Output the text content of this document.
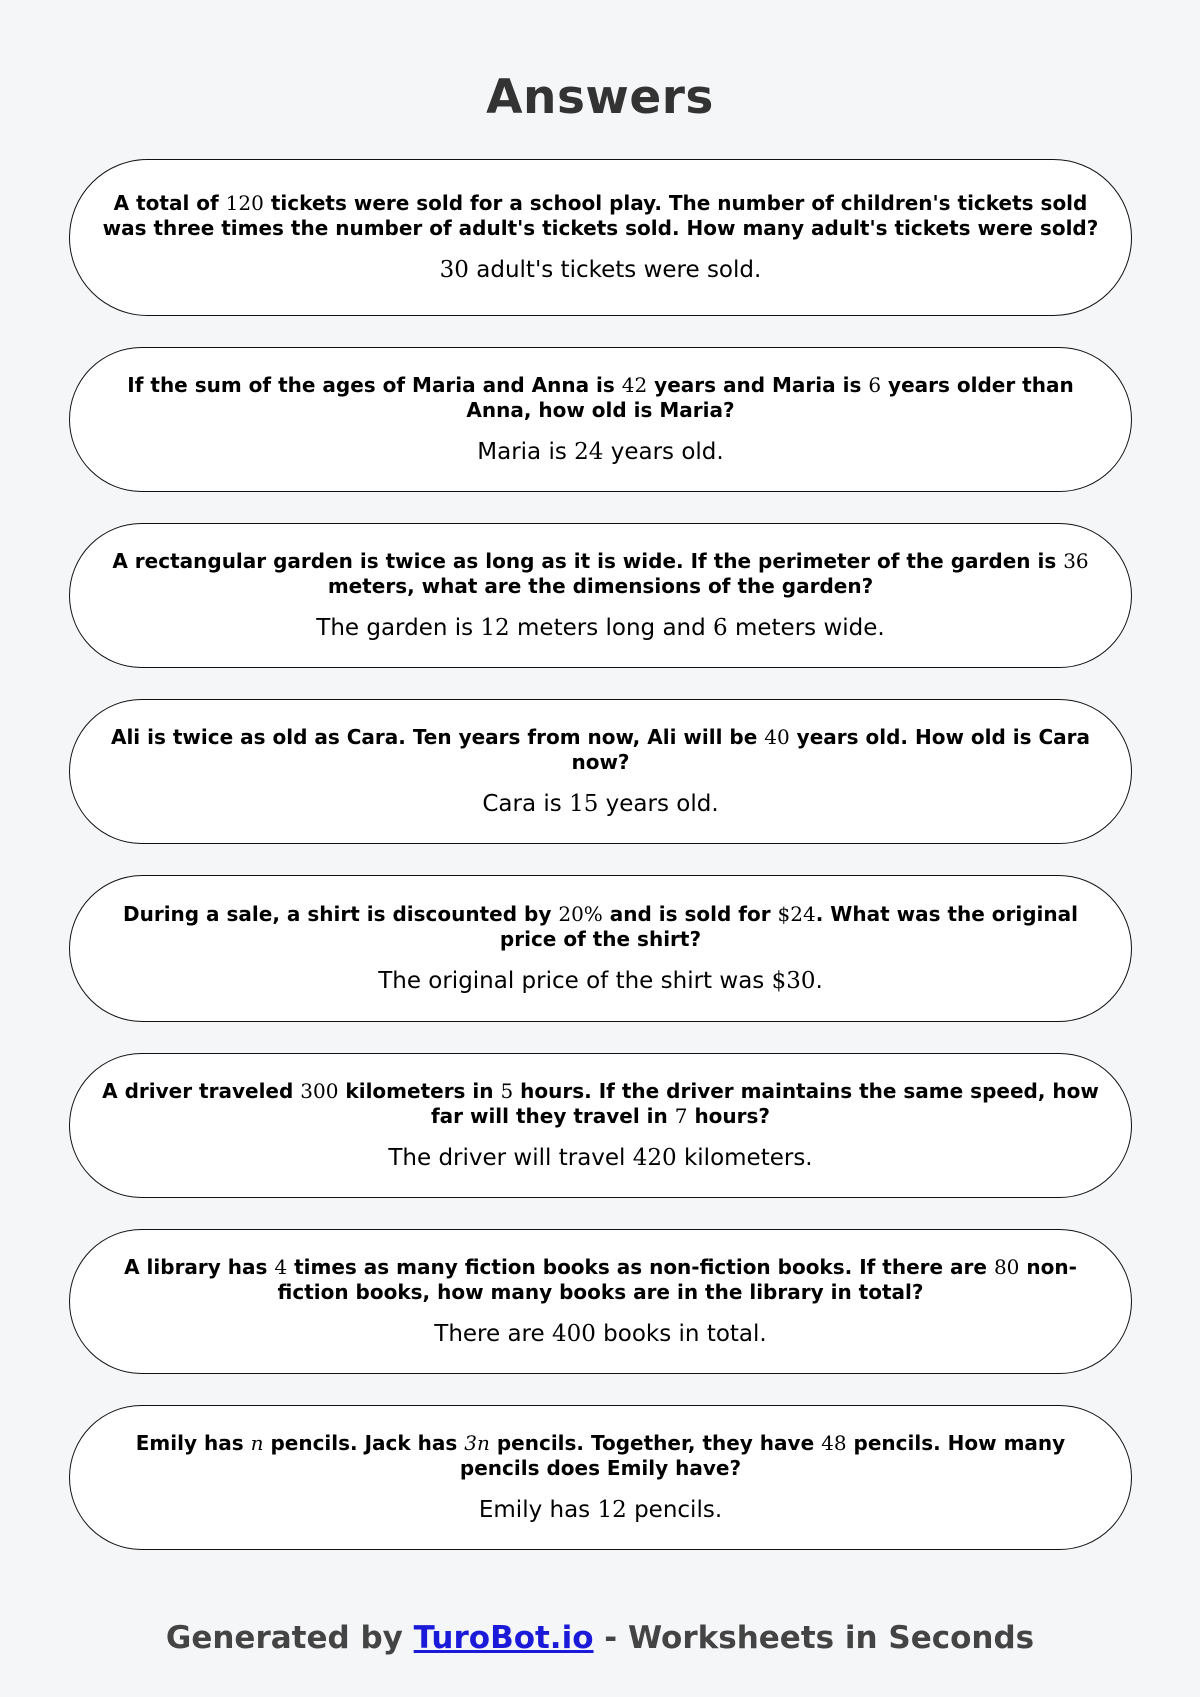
Answers
A total of 120 tickets were sold for a school play. The number of children's tickets sold was three times the number of adult's tickets sold. How many adult's tickets were sold?
30 adult's tickets were sold.
If the sum of the ages of Maria and Anna is 42 years and Maria is 6 years older than Anna, how old is Maria?
Maria is 24 years old.
A rectangular garden is twice as long as it is wide. If the perimeter of the garden is 36 meters, what are the dimensions of the garden?
The garden is 12 meters long and 6 meters wide.
Ali is twice as old as Cara. Ten years from now, Ali will be 40 years old. How old is Cara now?
Cara is 15 years old.
During a sale, a shirt is discounted by 20% and is sold for $24. What was the original price of the shirt?
The original price of the shirt was $30.
A driver traveled 300 kilometers in 5 hours. If the driver maintains the same speed, how far will they travel in 7 hours?
The driver will travel 420 kilometers.
A library has 4 times as many fiction books as non-fiction books. If there are 80 non-fiction books, how many books are in the library in total?
There are 400 books in total.
Emily has n pencils. Jack has 3n pencils. Together, they have 48 pencils. How many pencils does Emily have?
Emily has 12 pencils.
Generated by TuroBot.io - Worksheets in Seconds
